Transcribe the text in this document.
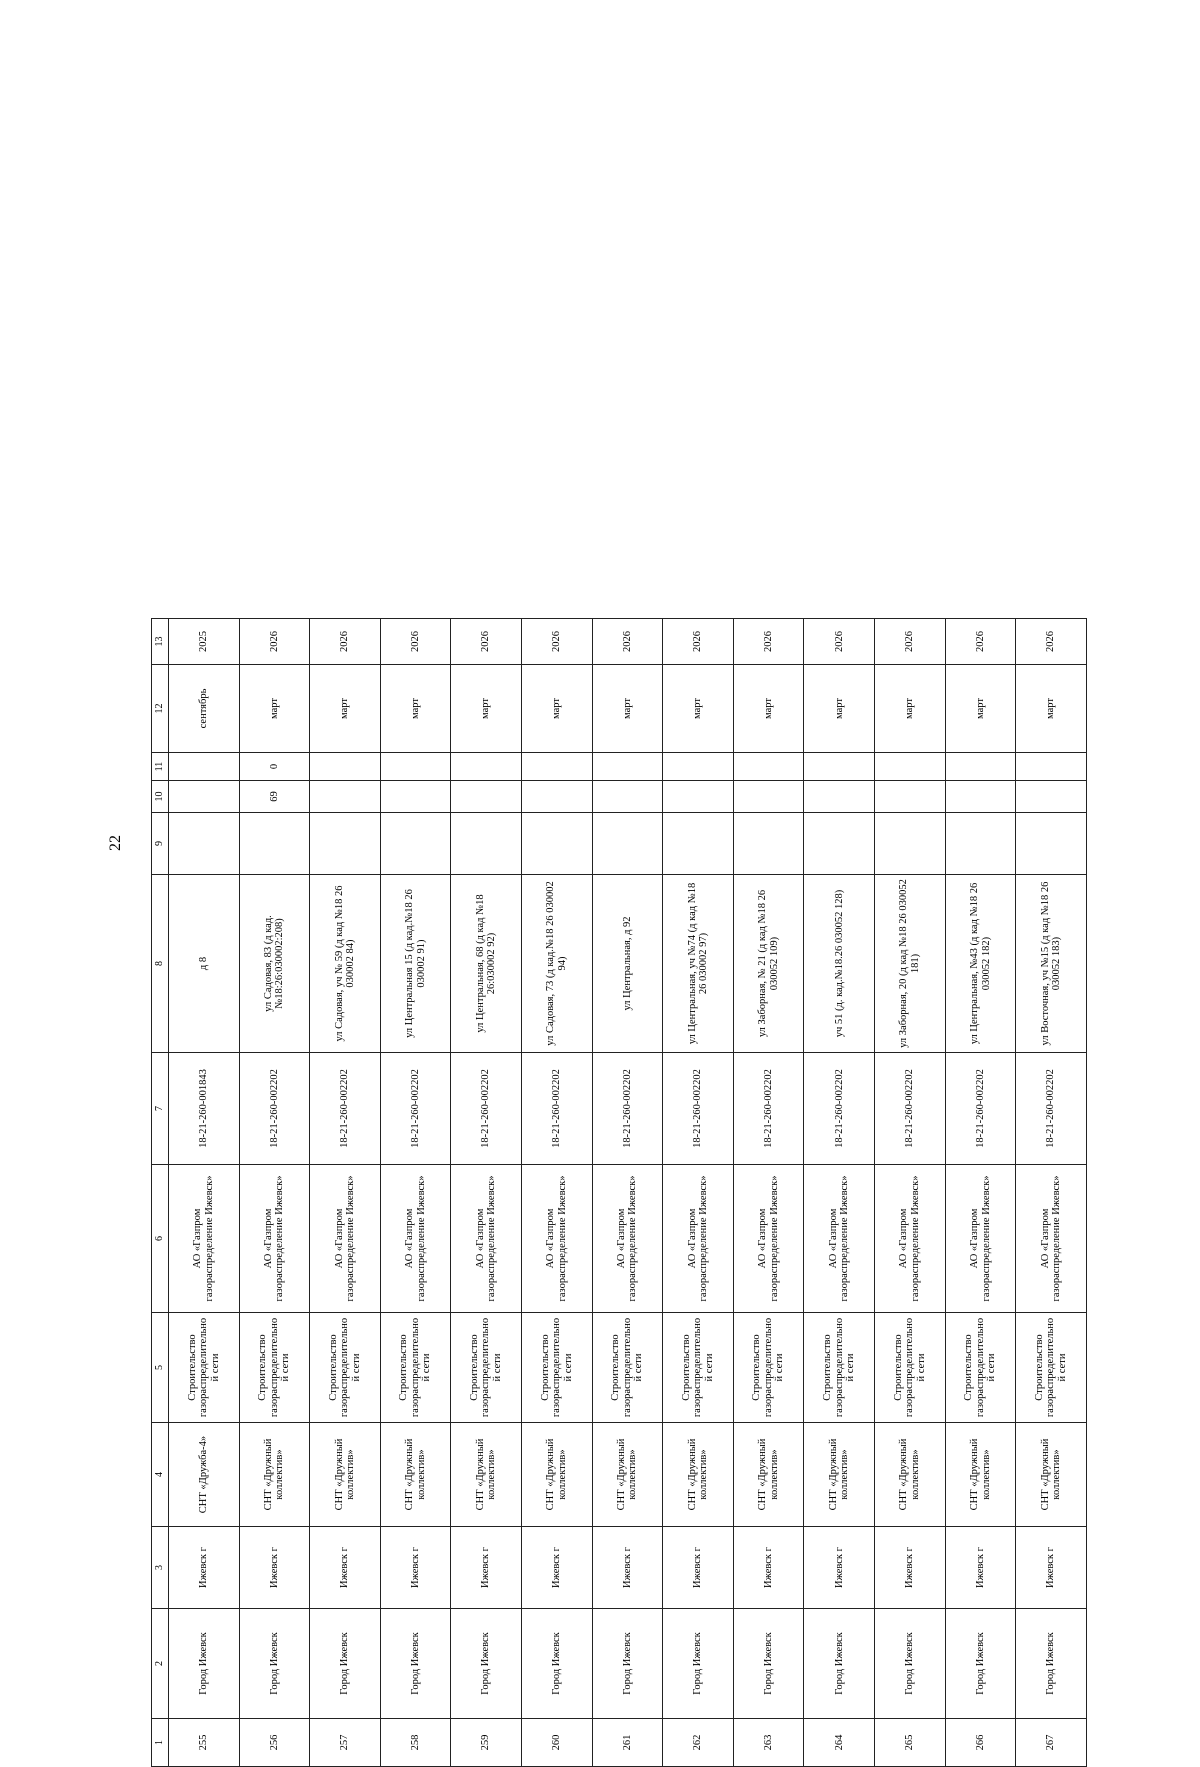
22
1	2	3	4	5	6	7	8	9	10	11	12	13
255	Город Ижевск	Ижевск г	СНТ «Дружба-4»	Строительство газораспределительной сети	АО «Газпром газораспределение Ижевск»	18-21-260-001843	д 8				сентябрь	2025
256	Город Ижевск	Ижевск г	СНТ «Дружный коллектив»	Строительство газораспределительной сети	АО «Газпром газораспределение Ижевск»	18-21-260-002202	ул Садовая, 83 (д кад.№18:26:030002:208)		69	0	март	2026
257	Город Ижевск	Ижевск г	СНТ «Дружный коллектив»	Строительство газораспределительной сети	АО «Газпром газораспределение Ижевск»	18-21-260-002202	ул Садовая, уч № 59 (д кад №18 26 030002 84)				март	2026
258	Город Ижевск	Ижевск г	СНТ «Дружный коллектив»	Строительство газораспределительной сети	АО «Газпром газораспределение Ижевск»	18-21-260-002202	ул Центральная 15 (д кад.№18 26 030002 91)				март	2026
259	Город Ижевск	Ижевск г	СНТ «Дружный коллектив»	Строительство газораспределительной сети	АО «Газпром газораспределение Ижевск»	18-21-260-002202	ул Центральная, 68 (д кад №18 26:030002 92)				март	2026
260	Город Ижевск	Ижевск г	СНТ «Дружный коллектив»	Строительство газораспределительной сети	АО «Газпром газораспределение Ижевск»	18-21-260-002202	ул Садовая, 73 (д кад.№18 26 030002 94)				март	2026
261	Город Ижевск	Ижевск г	СНТ «Дружный коллектив»	Строительство газораспределительной сети	АО «Газпром газораспределение Ижевск»	18-21-260-002202	ул Центральная, д 92				март	2026
262	Город Ижевск	Ижевск г	СНТ «Дружный коллектив»	Строительство газораспределительной сети	АО «Газпром газораспределение Ижевск»	18-21-260-002202	ул Центральная, уч №74 (д кад №18 26 030002 97)				март	2026
263	Город Ижевск	Ижевск г	СНТ «Дружный коллектив»	Строительство газораспределительной сети	АО «Газпром газораспределение Ижевск»	18-21-260-002202	ул Заборная, № 21 (д кад №18 26 030052 109)				март	2026
264	Город Ижевск	Ижевск г	СНТ «Дружный коллектив»	Строительство газораспределительной сети	АО «Газпром газораспределение Ижевск»	18-21-260-002202	уч 51 (д. кад.№18.26 030052 128)				март	2026
265	Город Ижевск	Ижевск г	СНТ «Дружный коллектив»	Строительство газораспределительной сети	АО «Газпром газораспределение Ижевск»	18-21-260-002202	ул Заборная, 20 (д кад №18 26 030052 181)				март	2026
266	Город Ижевск	Ижевск г	СНТ «Дружный коллектив»	Строительство газораспределительной сети	АО «Газпром газораспределение Ижевск»	18-21-260-002202	ул Центральная, №43 (д кад №18 26 030052 182)				март	2026
267	Город Ижевск	Ижевск г	СНТ «Дружный коллектив»	Строительство газораспределительной сети	АО «Газпром газораспределение Ижевск»	18-21-260-002202	ул Восточная, уч №15 (д кад №18 26 030052 183)				март	2026
